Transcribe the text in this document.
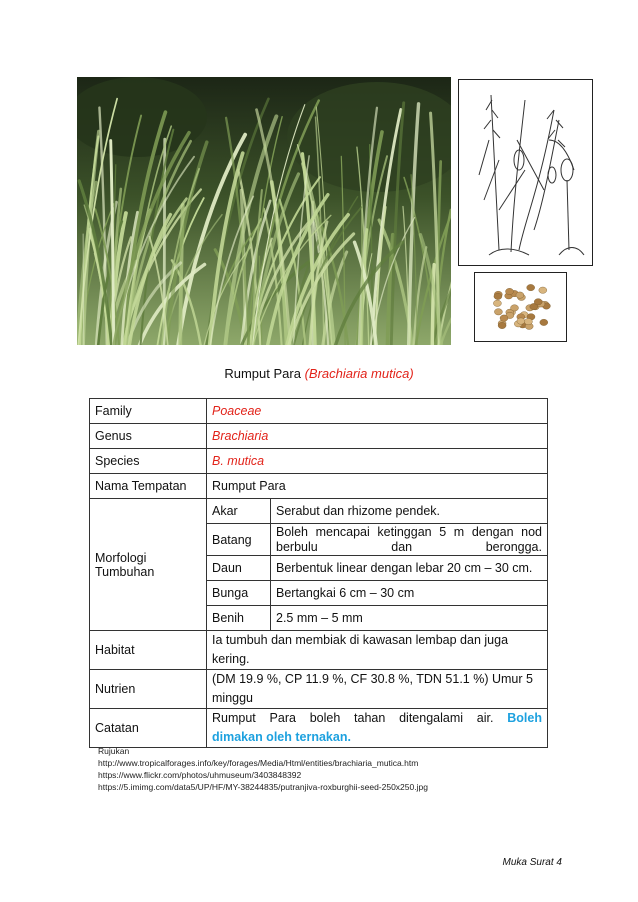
Rumput Para (Brachiaria mutica)
Family	Poaceae	
Genus	Brachiaria	
Species	B. mutica	
Nama Tempatan	Rumput Para	
Morfologi Tumbuhan	Akar	Serabut dan rhizome pendek.
	Batang	Boleh mencapai ketinggan 5 m dengan nod berbulu dan berongga.
	Daun	Berbentuk linear dengan lebar 20 cm – 30 cm.
	Bunga	Bertangkai 6 cm – 30 cm
	Benih	2.5 mm – 5 mm
Habitat	Ia tumbuh dan membiak di kawasan lembap dan juga kering.	
Nutrien	(DM 19.9 %, CP 11.9 %, CF 30.8 %, TDN 51.1 %) Umur 5 minggu	
Catatan	Rumput Para boleh tahan ditengalami air. Boleh
dimakan oleh ternakan.	
Rujukan
http://www.tropicalforages.info/key/forages/Media/Html/entities/brachiaria_mutica.htm
https://www.flickr.com/photos/uhmuseum/3403848392
https://5.imimg.com/data5/UP/HF/MY-38244835/putranjiva-roxburghii-seed-250x250.jpg
Muka Surat 4
